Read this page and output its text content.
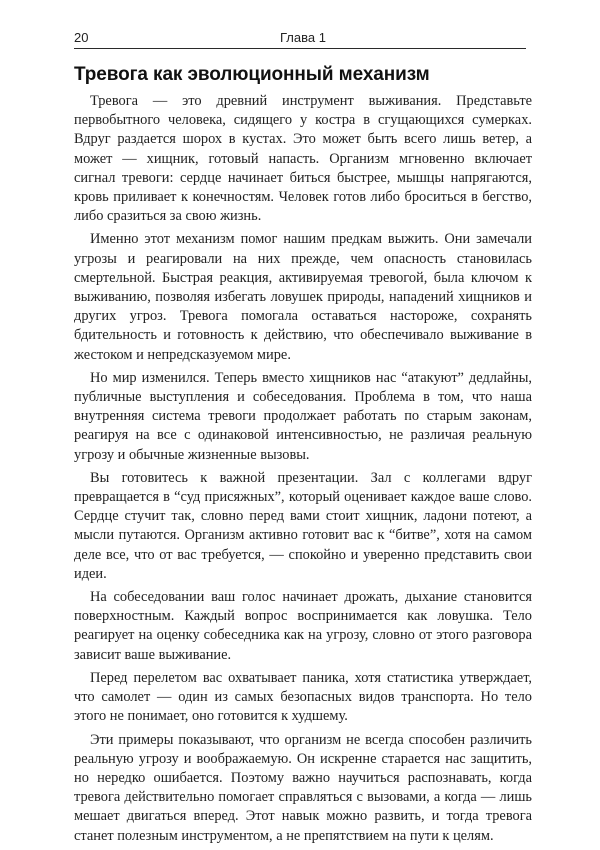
20	Глава 1
Тревога как эволюционный механизм

Тревога — это древний инструмент выживания. Представьте первобытного человека, сидящего у костра в сгущающихся сумерках. Вдруг раздается шорох в кустах. Это может быть всего лишь ветер, а может — хищник, готовый напасть. Организм мгновенно включает сигнал тревоги: сердце начинает биться быстрее, мышцы напрягаются, кровь приливает к конечностям. Человек готов либо броситься в бегство, либо сразиться за свою жизнь.

Именно этот механизм помог нашим предкам выжить. Они замечали угрозы и реагировали на них прежде, чем опасность становилась смертельной. Быстрая реакция, активируемая тревогой, была ключом к выживанию, позволяя избегать ловушек природы, нападений хищников и других угроз. Тревога помогала оставаться настороже, сохранять бдительность и готовность к действию, что обеспечивало выживание в жестоком и непредсказуемом мире.

Но мир изменился. Теперь вместо хищников нас “атакуют” дедлайны, публичные выступления и собеседования. Проблема в том, что наша внутренняя система тревоги продолжает работать по старым законам, реагируя на все с одинаковой интенсивностью, не различая реальную угрозу и обычные жизненные вызовы.

Вы готовитесь к важной презентации. Зал с коллегами вдруг превращается в “суд присяжных”, который оценивает каждое ваше слово. Сердце стучит так, словно перед вами стоит хищник, ладони потеют, а мысли путаются. Организм активно готовит вас к “битве”, хотя на самом деле все, что от вас требуется, — спокойно и уверенно представить свои идеи.

На собеседовании ваш голос начинает дрожать, дыхание становится поверхностным. Каждый вопрос воспринимается как ловушка. Тело реагирует на оценку собеседника как на угрозу, словно от этого разговора зависит ваше выживание.

Перед перелетом вас охватывает паника, хотя статистика утверждает, что самолет — один из самых безопасных видов транспорта. Но тело этого не понимает, оно готовится к худшему.

Эти примеры показывают, что организм не всегда способен различить реальную угрозу и воображаемую. Он искренне старается нас защитить, но нередко ошибается. Поэтому важно научиться распознавать, когда тревога действительно помогает справляться с вызовами, а когда — лишь мешает двигаться вперед. Этот навык можно развить, и тогда тревога станет полезным инструментом, а не препятствием на пути к целям.
